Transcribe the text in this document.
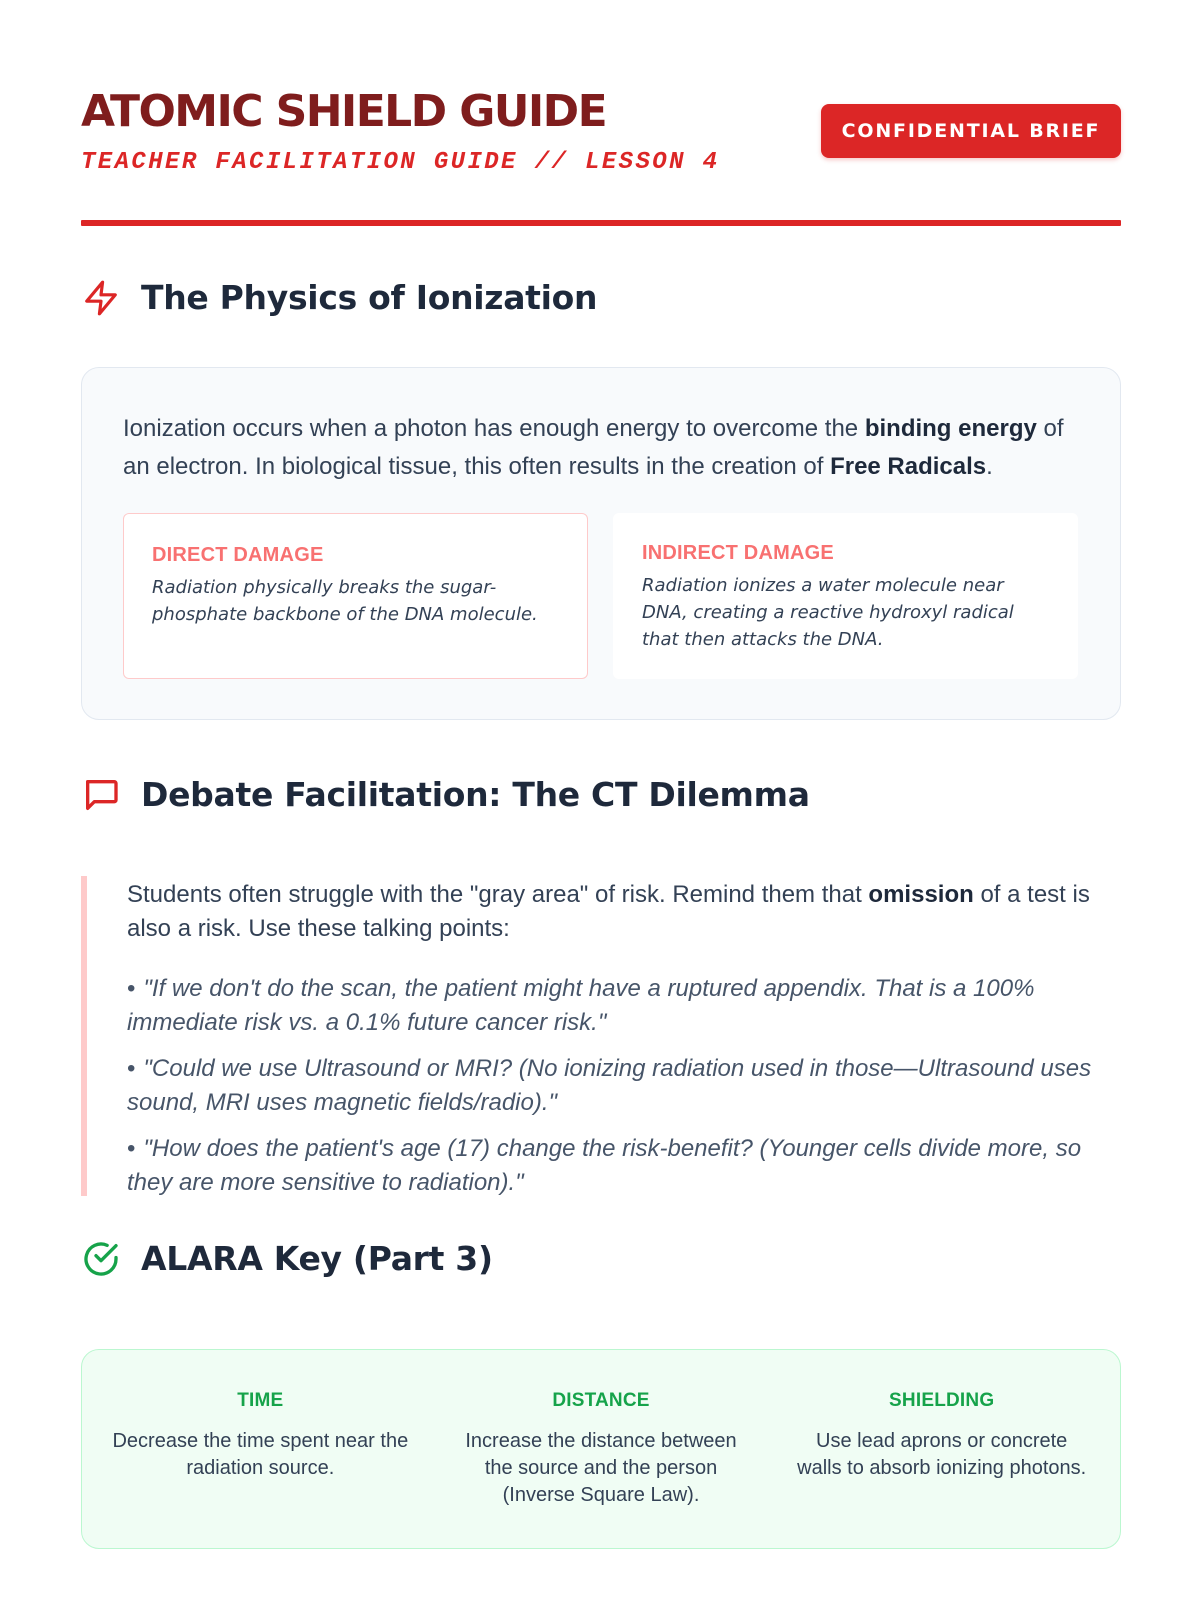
ATOMIC SHIELD GUIDE
TEACHER FACILITATION GUIDE // LESSON 4
CONFIDENTIAL BRIEF
The Physics of Ionization

Ionization occurs when a photon has enough energy to overcome the binding energy of an electron. In biological tissue, this often results in the creation of Free Radicals.

DIRECT DAMAGE
Radiation physically breaks the sugar-phosphate backbone of the DNA molecule.
INDIRECT DAMAGE
Radiation ionizes a water molecule near DNA, creating a reactive hydroxyl radical that then attacks the DNA.
Debate Facilitation: The CT Dilemma

Students often struggle with the "gray area" of risk. Remind them that omission of a test is also a risk. Use these talking points:

• "If we don't do the scan, the patient might have a ruptured appendix. That is a 100% immediate risk vs. a 0.1% future cancer risk."
• "Could we use Ultrasound or MRI? (No ionizing radiation used in those—Ultrasound uses sound, MRI uses magnetic fields/radio)."
• "How does the patient's age (17) change the risk-benefit? (Younger cells divide more, so they are more sensitive to radiation)."
ALARA Key (Part 3)
TIME
Decrease the time spent near the radiation source.
DISTANCE
Increase the distance between the source and the person (Inverse Square Law).
SHIELDING
Use lead aprons or concrete walls to absorb ionizing photons.
